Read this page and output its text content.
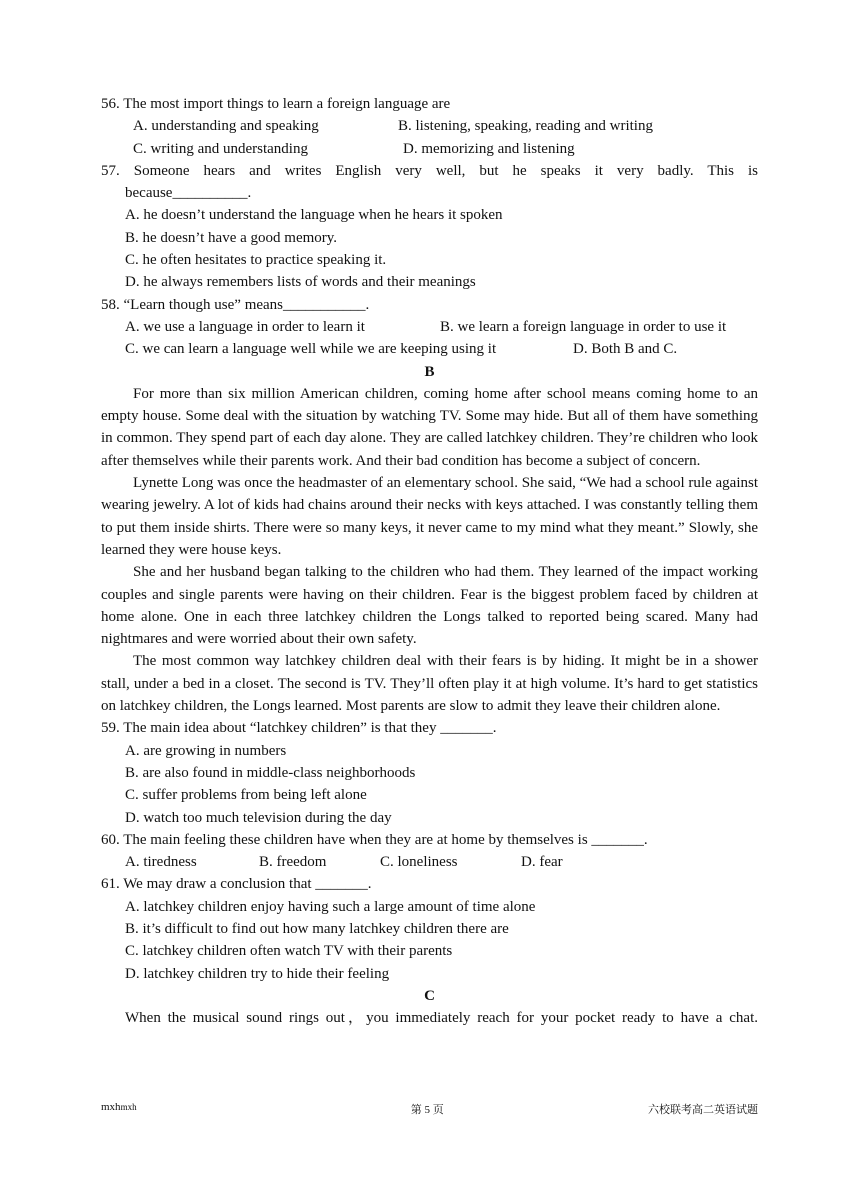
56. The most import things to learn a foreign language are
A. understanding and speaking	B. listening, speaking, reading and writing
C. writing and understanding	D. memorizing and listening
57. Someone hears and writes English very well, but he speaks it very badly. This is
because__________.
A. he doesn’t understand the language when he hears it spoken
B. he doesn’t have a good memory.
C. he often hesitates to practice speaking it.
D. he always remembers lists of words and their meanings
58. “Learn though use” means___________.
A. we use a language in order to learn it	B. we learn a foreign language in order to use it
C. we can learn a language well while we are keeping using it	D. Both B and C.
B
For more than six million American children, coming home after school means coming home to an empty house. Some deal with the situation by watching TV. Some may hide. But all of them have something in common. They spend part of each day alone. They are called latchkey children. They’re children who look after themselves while their parents work. And their bad condition has become a subject of concern.
Lynette Long was once the headmaster of an elementary school. She said, “We had a school rule against wearing jewelry. A lot of kids had chains around their necks with keys attached. I was constantly telling them to put them inside shirts. There were so many keys, it never came to my mind what they meant.” Slowly, she learned they were house keys.
She and her husband began talking to the children who had them. They learned of the impact working couples and single parents were having on their children. Fear is the biggest problem faced by children at home alone. One in each three latchkey children the Longs talked to reported being scared. Many had nightmares and were worried about their own safety.
The most common way latchkey children deal with their fears is by hiding. It might be in a shower stall, under a bed in a closet. The second is TV. They’ll often play it at high volume. It’s hard to get statistics on latchkey children, the Longs learned. Most parents are slow to admit they leave their children alone.
59. The main idea about “latchkey children” is that they _______.
A. are growing in numbers
B. are also found in middle-class neighborhoods
C. suffer problems from being left alone
D. watch too much television during the day
60. The main feeling these children have when they are at home by themselves is _______.
A. tiredness	B. freedom	C. loneliness	D. fear
61. We may draw a conclusion that _______.
A. latchkey children enjoy having such a large amount of time alone
B. it’s difficult to find out how many latchkey children there are
C. latchkey children often watch TV with their parents
D. latchkey children try to hide their feeling
C
When the musical sound rings out，you immediately reach for your pocket ready to have a chat.
mxhmxh	第 5 页	六校联考高二英语试题
